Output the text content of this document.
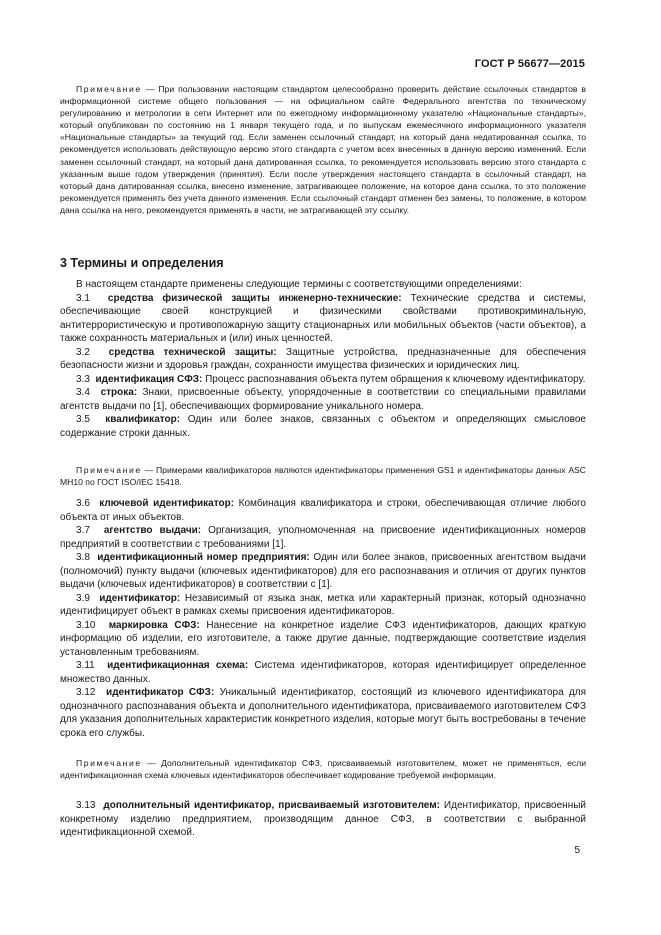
ГОСТ Р 56677—2015

Примечание — При пользовании настоящим стандартом целесообразно проверить действие ссылочных стандартов в информационной системе общего пользования — на официальном сайте Федерального агентства по техническому регулированию и метрологии в сети Интернет или по ежегодному информационному указателю «Национальные стандарты», который опубликован по состоянию на 1 января текущего года, и по выпускам ежемесячного информационного указателя «Национальные стандарты» за текущий год. Если заменен ссылочный стандарт, на который дана недатированная ссылка, то рекомендуется использовать действующую версию этого стандарта с учетом всех внесенных в данную версию изменений. Если заменен ссылочный стандарт, на который дана датированная ссылка, то рекомендуется использовать версию этого стандарта с указанным выше годом утверждения (принятия). Если после утверждения настоящего стандарта в ссылочный стандарт, на который дана датированная ссылка, внесено изменение, затрагивающее положение, на которое дана ссылка, то это положение рекомендуется применять без учета данного изменения. Если ссылочный стандарт отменен без замены, то положение, в котором дана ссылка на него, рекомендуется применять в части, не затрагивающей эту ссылку.

3 Термины и определения

В настоящем стандарте применены следующие термины с соответствующими определениями:

3.1 средства физической защиты инженерно-технические: Технические средства и системы, обеспечивающие своей конструкцией и физическими свойствами противокриминальную, антитеррористическую и противопожарную защиту стационарных или мобильных объектов (части объектов), а также сохранность материальных и (или) иных ценностей.

3.2 средства технической защиты: Защитные устройства, предназначенные для обеспечения безопасности жизни и здоровья граждан, сохранности имущества физических и юридических лиц.

3.3 идентификация СФЗ: Процесс распознавания объекта путем обращения к ключевому идентификатору.

3.4 строка: Знаки, присвоенные объекту, упорядоченные в соответствии со специальными правилами агентств выдачи по [1], обеспечивающих формирование уникального номера.

3.5 квалификатор: Один или более знаков, связанных с объектом и определяющих смысловое содержание строки данных.

Примечание — Примерами квалификаторов являются идентификаторы применения GS1 и идентификаторы данных ASC MH10 по ГОСТ ISO/IEC 15418.

3.6 ключевой идентификатор: Комбинация квалификатора и строки, обеспечивающая отличие любого объекта от иных объектов.

3.7 агентство выдачи: Организация, уполномоченная на присвоение идентификационных номеров предприятий в соответствии с требованиями [1].

3.8 идентификационный номер предприятия: Один или более знаков, присвоенных агентством выдачи (полномочий) пункту выдачи (ключевых идентификаторов) для его распознавания и отличия от других пунктов выдачи (ключевых идентификаторов) в соответствии с [1].

3.9 идентификатор: Независимый от языка знак, метка или характерный признак, который однозначно идентифицирует объект в рамках схемы присвоения идентификаторов.

3.10 маркировка СФЗ: Нанесение на конкретное изделие СФЗ идентификаторов, дающих краткую информацию об изделии, его изготовителе, а также другие данные, подтверждающие соответствие изделия установленным требованиям.

3.11 идентификационная схема: Система идентификаторов, которая идентифицирует определенное множество данных.

3.12 идентификатор СФЗ: Уникальный идентификатор, состоящий из ключевого идентификатора для однозначного распознавания объекта и дополнительного идентификатора, присваиваемого изготовителем СФЗ для указания дополнительных характеристик конкретного изделия, которые могут быть востребованы в течение срока его службы.

Примечание — Дополнительный идентификатор СФЗ, присваиваемый изготовителем, может не применяться, если идентификационная схема ключевых идентификаторов обеспечивает кодирование требуемой информации.

3.13 дополнительный идентификатор, присваиваемый изготовителем: Идентификатор, присвоенный конкретному изделию предприятием, производящим данное СФЗ, в соответствии с выбранной идентификационной схемой.

5
